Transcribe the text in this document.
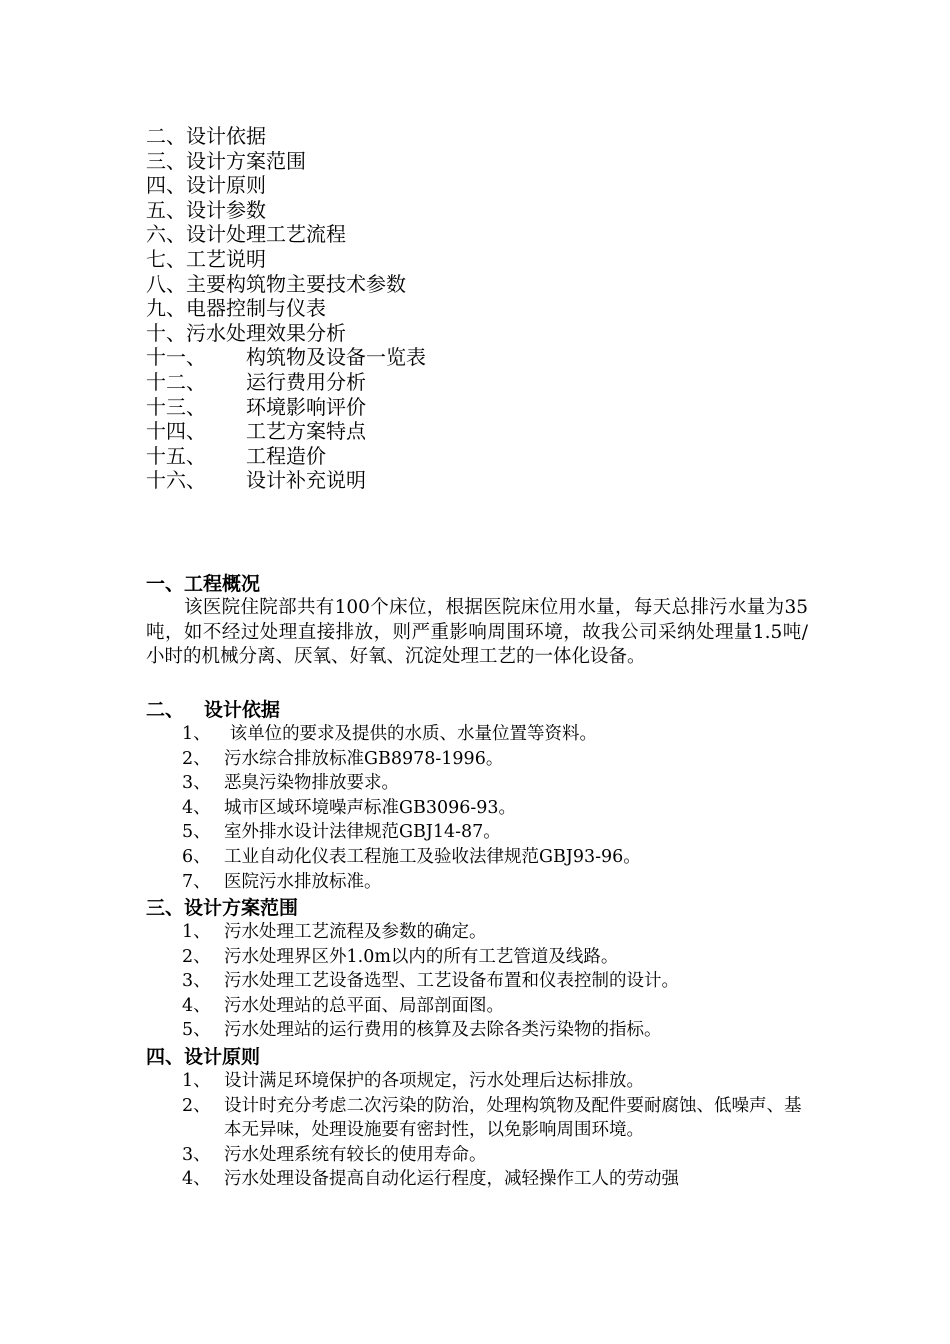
二、设计依据
三、设计方案范围
四、设计原则
五、设计参数
六、设计处理工艺流程
七、工艺说明
八、主要构筑物主要技术参数
九、电器控制与仪表
十、污水处理效果分析
十一、 构筑物及设备一览表
十二、 运行费用分析
十三、 环境影响评价
十四、 工艺方案特点
十五、 工程造价
十六、 设计补充说明
一、工程概况
该医院住院部共有100个床位，根据医院床位用水量，每天总排污水量为35吨，如不经过处理直接排放，则严重影响周围环境，故我公司采纳处理量1.5吨/小时的机械分离、厌氧、好氧、沉淀处理工艺的一体化设备。
二、   设计依据
1、 该单位的要求及提供的水质、水量位置等资料。
2、 污水综合排放标准GB8978-1996。
3、 恶臭污染物排放要求。
4、 城市区域环境噪声标准GB3096-93。
5、 室外排水设计法律规范GBJ14-87。
6、 工业自动化仪表工程施工及验收法律规范GBJ93-96。
7、 医院污水排放标准。
三、设计方案范围
1、 污水处理工艺流程及参数的确定。
2、 污水处理界区外1.0m以内的所有工艺管道及线路。
3、 污水处理工艺设备选型、工艺设备布置和仪表控制的设计。
4、 污水处理站的总平面、局部剖面图。
5、 污水处理站的运行费用的核算及去除各类污染物的指标。
四、设计原则
1、 设计满足环境保护的各项规定，污水处理后达标排放。
2、 设计时充分考虑二次污染的防治，处理构筑物及配件要耐腐蚀、低噪声、基本无异味，处理设施要有密封性，以免影响周围环境。
3、 污水处理系统有较长的使用寿命。
4、 污水处理设备提高自动化运行程度，减轻操作工人的劳动强
